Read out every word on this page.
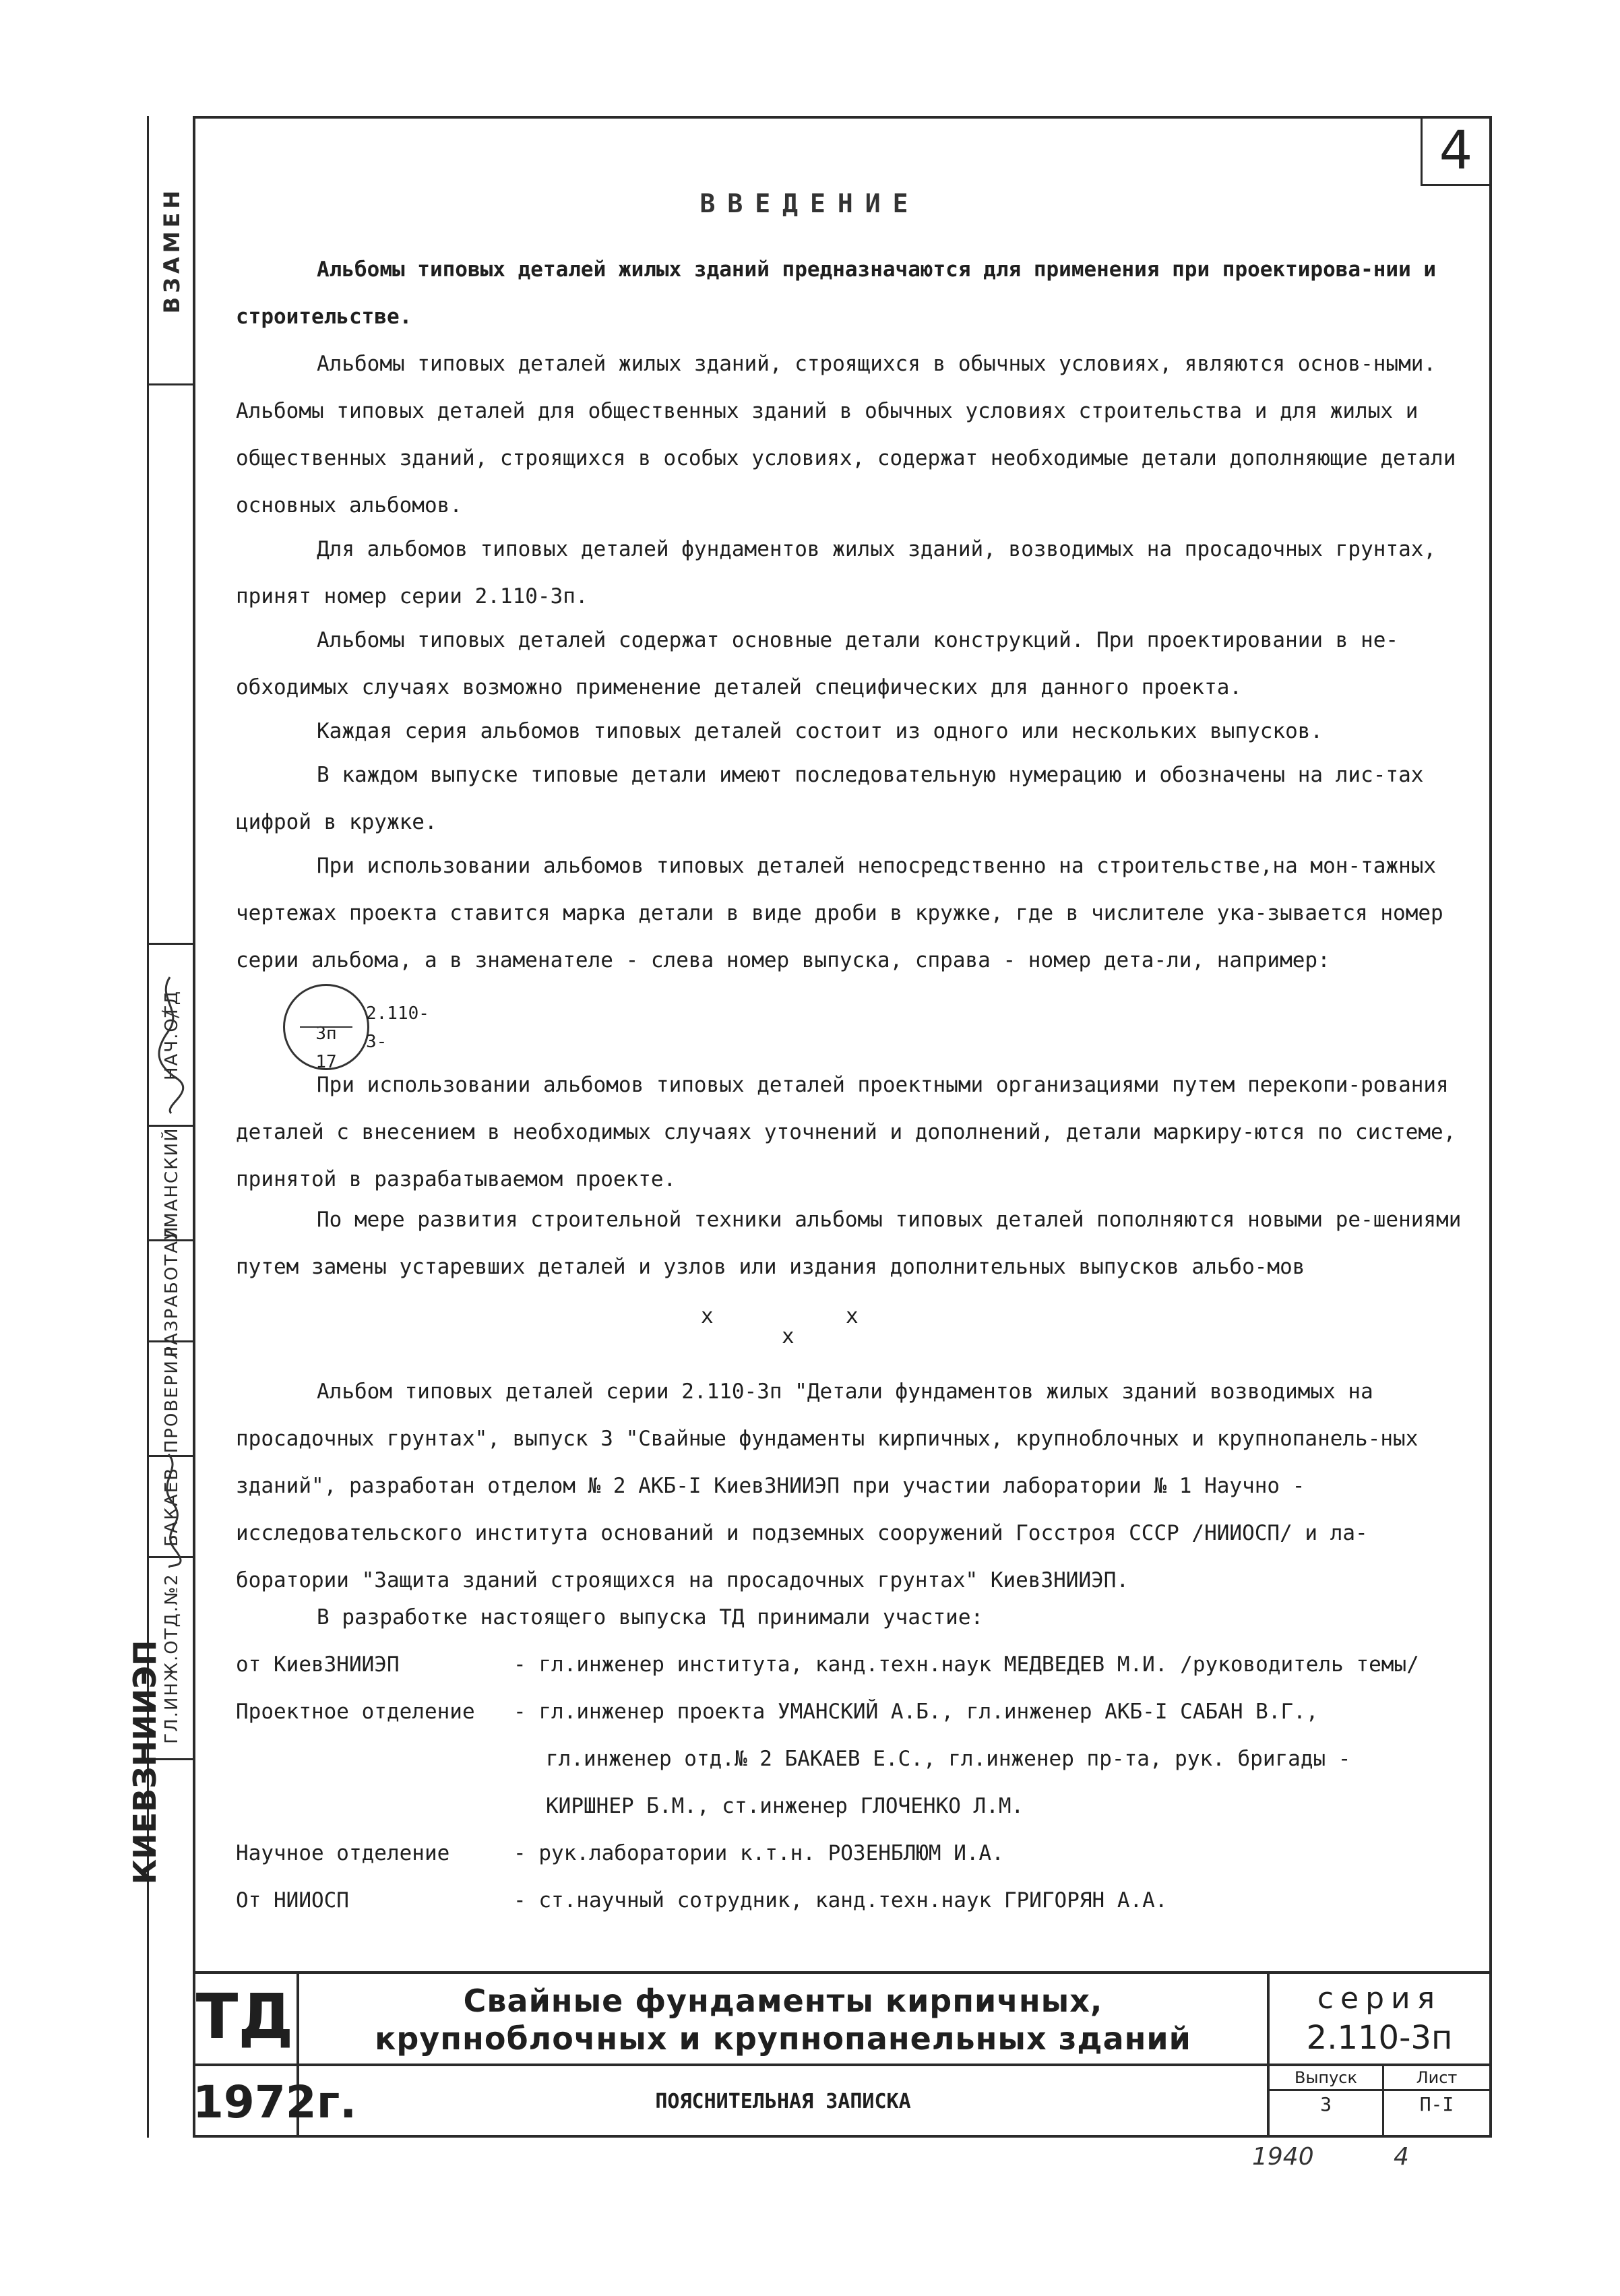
ВЗАМЕН
НАЧ.ОТД
УМАНСКИЙ
РАЗРАБОТАЛ
ПРОВЕРИЛ
БАКАЕВ
ГЛ.ИНЖ.ОТД.№2
КИЕВЗНИИЭП
4
ВВЕДЕНИЕ
Альбомы типовых деталей жилых зданий предназначаются для применения при проектирова-нии и строительстве.
Альбомы типовых деталей жилых зданий, строящихся в обычных условиях, являются основ-ными. Альбомы типовых деталей для общественных зданий в обычных условиях строительства и для жилых и общественных зданий, строящихся в особых условиях, содержат необходимые детали дополняющие детали основных альбомов.
Для альбомов типовых деталей фундаментов жилых зданий, возводимых на просадочных грунтах, принят номер серии 2.110-3п.
Альбомы типовых деталей содержат основные детали конструкций. При проектировании в не-обходимых случаях возможно применение деталей специфических для данного проекта.
Каждая серия альбомов типовых деталей состоит из одного или нескольких выпусков.
В каждом выпуске типовые детали имеют последовательную нумерацию и обозначены на лис-тах цифрой в кружке.
При использовании альбомов типовых деталей непосредственно на строительстве,на мон-тажных чертежах проекта ставится марка детали в виде дроби в кружке, где в числителе ука-зывается номер серии альбома, а в знаменателе - слева номер выпуска, справа - номер дета-ли, например:
2.110-3п	3-17
При использовании альбомов типовых деталей проектными организациями путем перекопи-рования деталей с внесением в необходимых случаях уточнений и дополнений, детали маркиру-ются по системе, принятой в разрабатываемом проекте.
По мере развития строительной техники альбомы типовых деталей пополняются новыми ре-шениями путем замены устаревших деталей и узлов или издания дополнительных выпусков альбо-мов
x	x
x
Альбом типовых деталей серии 2.110-3п "Детали фундаментов жилых зданий возводимых на просадочных грунтах", выпуск 3 "Свайные фундаменты кирпичных, крупноблочных и крупнопанель-ных зданий", разработан отделом № 2 АКБ-I КиевЗНИИЭП при участии лаборатории № 1 Научно - исследовательского института оснований и подземных сооружений Госстроя СССР /НИИОСП/ и ла-боратории "Защита зданий строящихся на просадочных грунтах" КиевЗНИИЭП.
В разработке настоящего выпуска ТД принимали участие:
от КиевЗНИИЭП	- гл.инженер института, канд.техн.наук МЕДВЕДЕВ М.И. /руководитель темы/
Проектное отделение - гл.инженер проекта УМАНСКИЙ А.Б., гл.инженер АКБ-I САБАН В.Г.,
гл.инженер отд.№ 2 БАКАЕВ Е.С., гл.инженер пр-та, рук. бригады -
КИРШНЕР Б.М., ст.инженер ГЛОЧЕНКО Л.М.
Научное отделение	- рук.лаборатории к.т.н. РОЗЕНБЛЮМ И.А.
От НИИОСП	- ст.научный сотрудник, канд.техн.наук ГРИГОРЯН А.А.
ТД
1972г.
Свайные фундаменты кирпичных,
крупноблочных и крупнопанельных зданий
ПОЯСНИТЕЛЬНАЯ ЗАПИСКА
серия
2.110-3п
Выпуск
3
Лист
П-I
1940	4
